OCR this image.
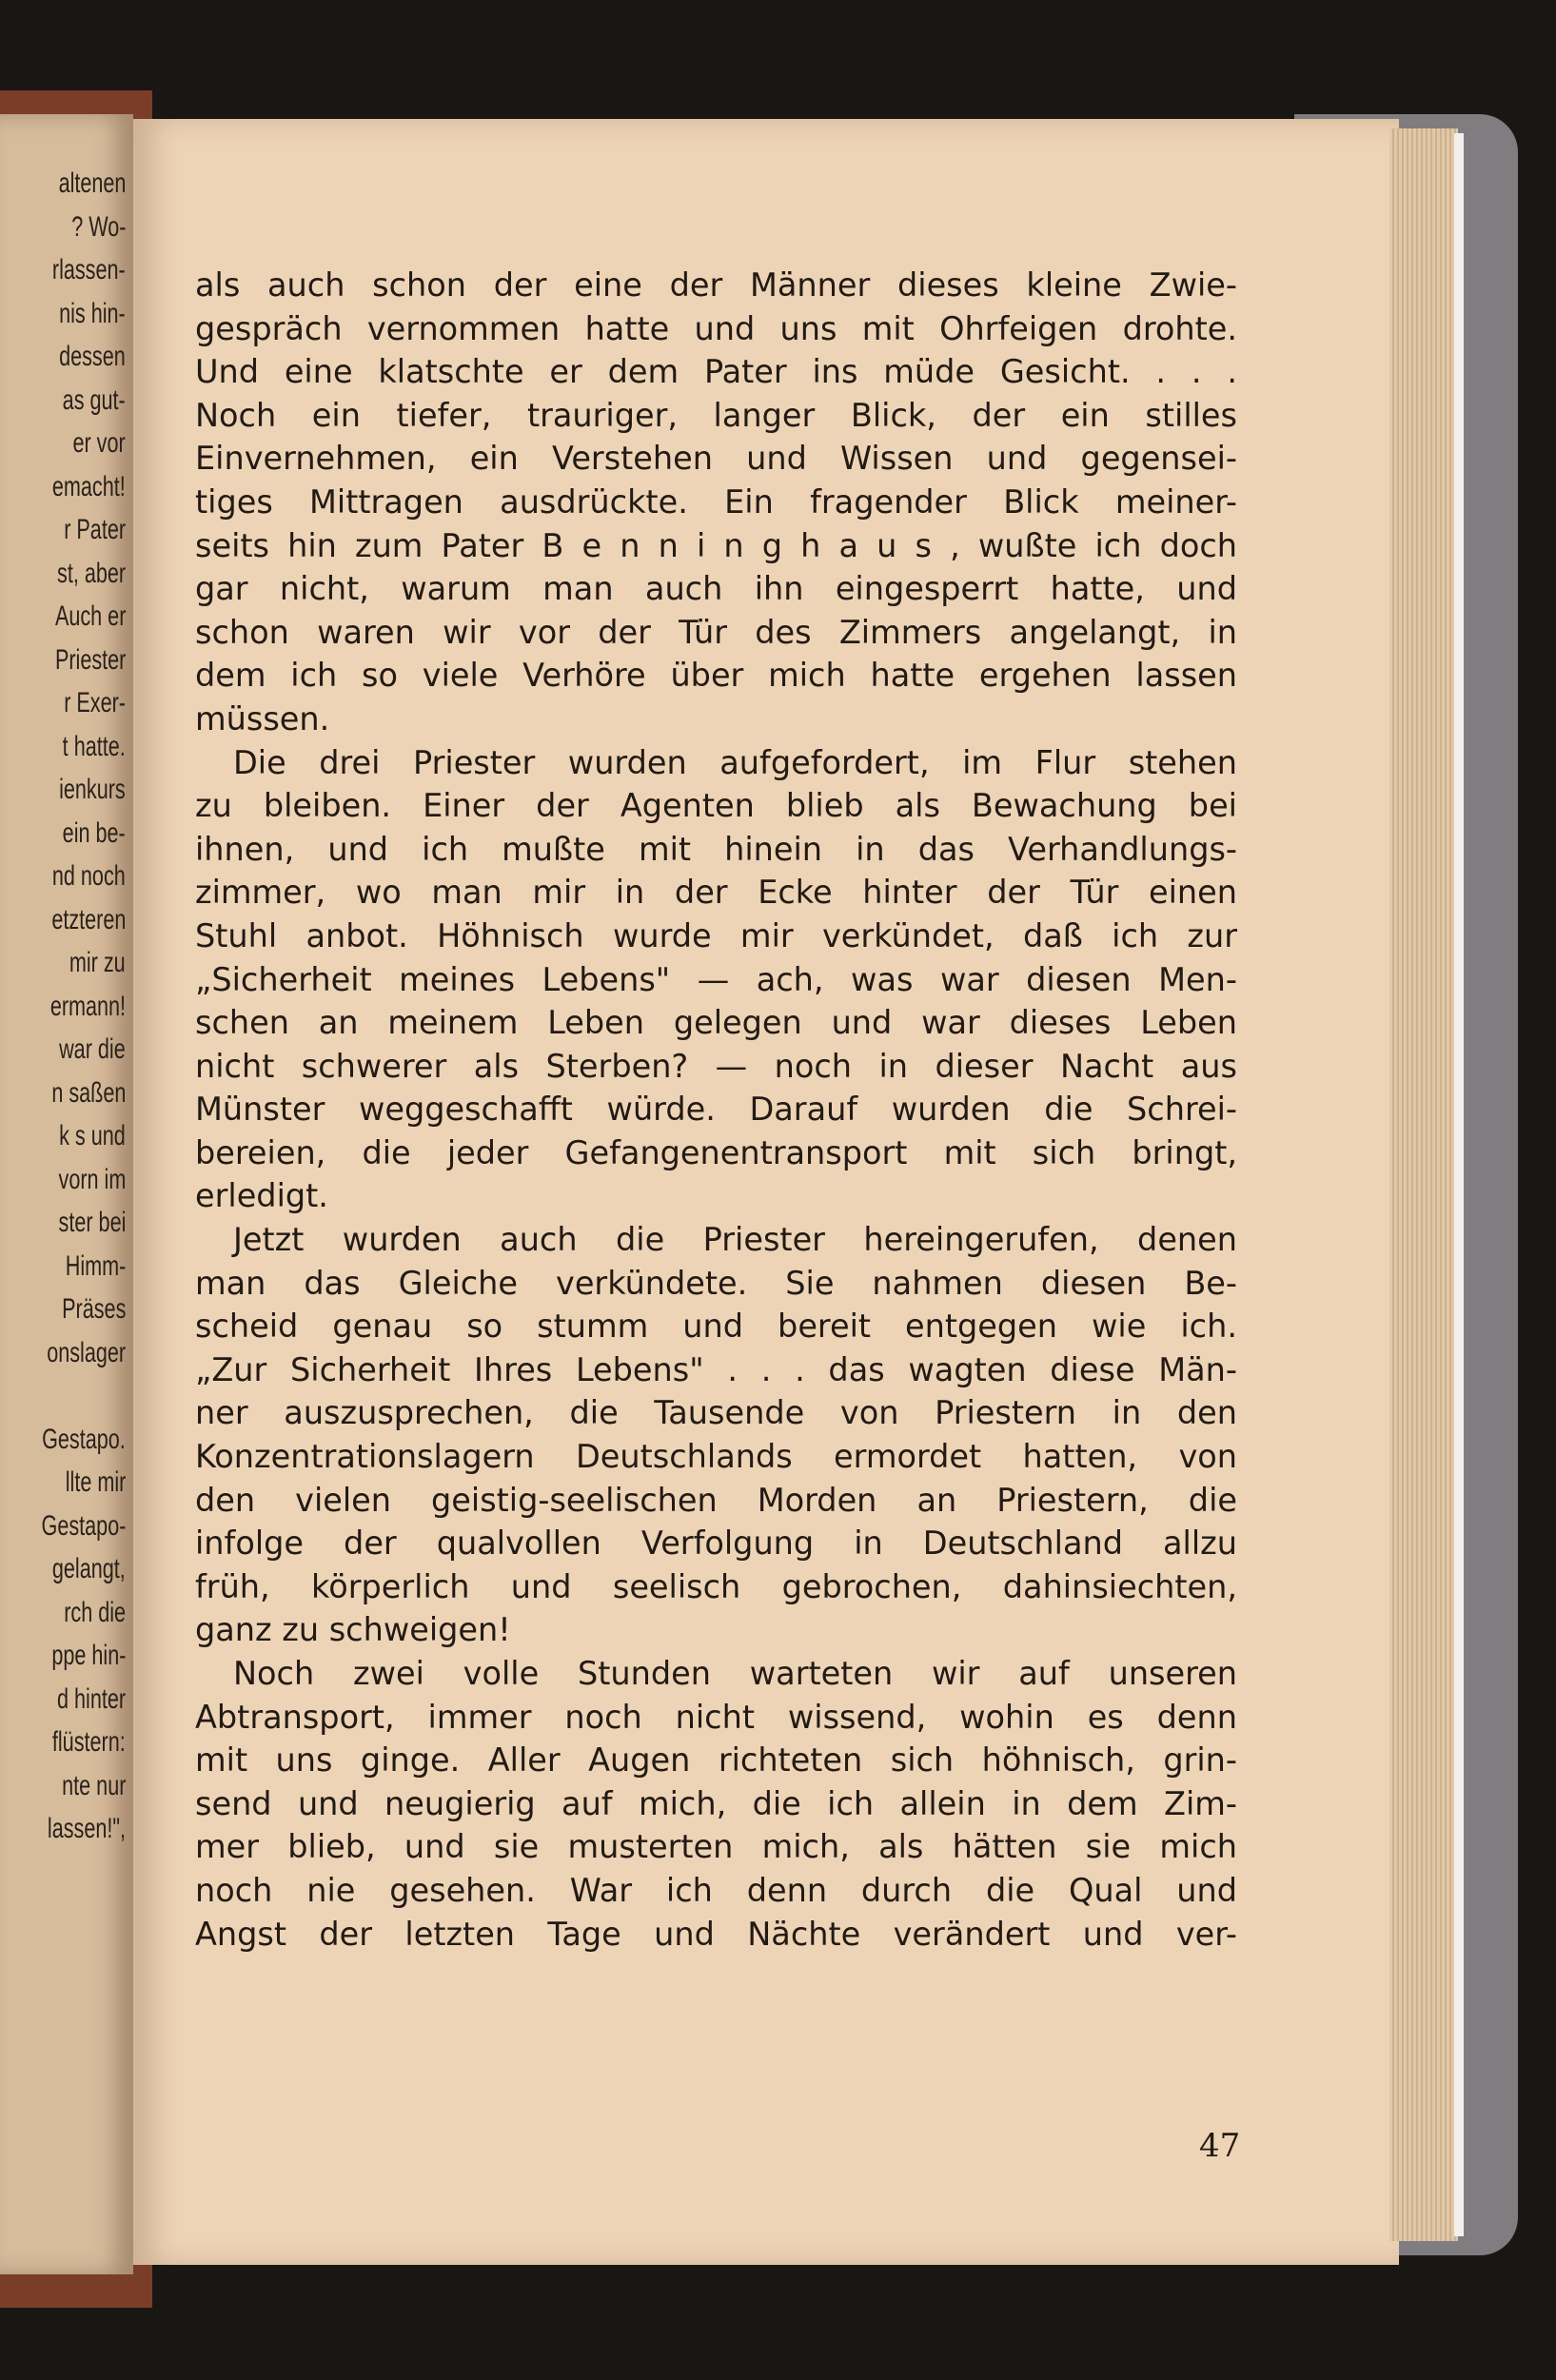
altenen
? Wo-
rlassen-
nis hin-
dessen
as gut-
er vor
emacht!
r Pater
st, aber
Auch er
Priester
r Exer-
t hatte.
ienkurs
ein be-
nd noch
etzteren
mir zu
ermann!
war die
n saßen
k s und
vorn im
ster bei
Himm-
Präses
onslager
Gestapo.
llte mir
Gestapo-
gelangt,
rch die
ppe hin-
d hinter
flüstern:
nte nur
lassen!",
als auch schon der eine der Männer dieses kleine Zwie-
gespräch vernommen hatte und uns mit Ohrfeigen drohte.
Und eine klatschte er dem Pater ins müde Gesicht. . . .
Noch ein tiefer, trauriger, langer Blick, der ein stilles
Einvernehmen, ein Verstehen und Wissen und gegensei-
tiges Mittragen ausdrückte. Ein fragender Blick meiner-
seits hin zum Pater B e n n i n g h a u s , wußte ich doch
gar nicht, warum man auch ihn eingesperrt hatte, und
schon waren wir vor der Tür des Zimmers angelangt, in
dem ich so viele Verhöre über mich hatte ergehen lassen
müssen.
Die drei Priester wurden aufgefordert, im Flur stehen
zu bleiben. Einer der Agenten blieb als Bewachung bei
ihnen, und ich mußte mit hinein in das Verhandlungs-
zimmer, wo man mir in der Ecke hinter der Tür einen
Stuhl anbot. Höhnisch wurde mir verkündet, daß ich zur
„Sicherheit meines Lebens" — ach, was war diesen Men-
schen an meinem Leben gelegen und war dieses Leben
nicht schwerer als Sterben? — noch in dieser Nacht aus
Münster weggeschafft würde. Darauf wurden die Schrei-
bereien, die jeder Gefangenentransport mit sich bringt,
erledigt.
Jetzt wurden auch die Priester hereingerufen, denen
man das Gleiche verkündete. Sie nahmen diesen Be-
scheid genau so stumm und bereit entgegen wie ich.
„Zur Sicherheit Ihres Lebens" . . . das wagten diese Män-
ner auszusprechen, die Tausende von Priestern in den
Konzentrationslagern Deutschlands ermordet hatten, von
den vielen geistig-seelischen Morden an Priestern, die
infolge der qualvollen Verfolgung in Deutschland allzu
früh, körperlich und seelisch gebrochen, dahinsiechten,
ganz zu schweigen!
Noch zwei volle Stunden warteten wir auf unseren
Abtransport, immer noch nicht wissend, wohin es denn
mit uns ginge. Aller Augen richteten sich höhnisch, grin-
send und neugierig auf mich, die ich allein in dem Zim-
mer blieb, und sie musterten mich, als hätten sie mich
noch nie gesehen. War ich denn durch die Qual und
Angst der letzten Tage und Nächte verändert und ver-
47
